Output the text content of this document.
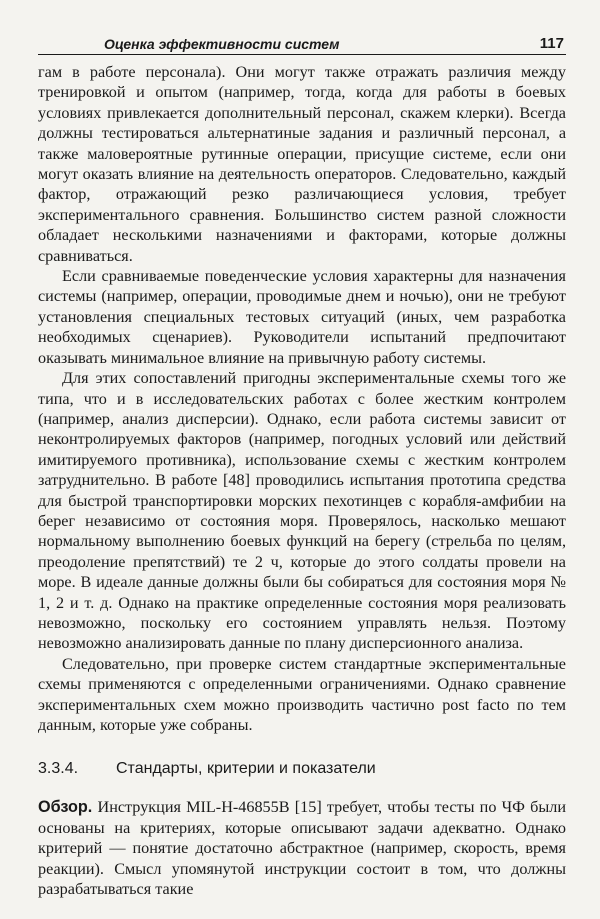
Оценка эффективности систем	117

гам в работе персонала). Они могут также отражать различия между тренировкой и опытом (например, тогда, когда для работы в боевых условиях привлекается дополнительный персонал, скажем клерки). Всегда должны тестироваться альтернатиные задания и различный персонал, а также маловероятные рутинные операции, присущие системе, если они могут оказать влияние на деятельность операторов. Следовательно, каждый фактор, отражающий резко различающиеся условия, требует экспериментального сравнения. Большинство систем разной сложности обладает несколькими назначениями и факторами, которые должны сравниваться.

Если сравниваемые поведенческие условия характерны для назначения системы (например, операции, проводимые днем и ночью), они не требуют установления специальных тестовых ситуаций (иных, чем разработка необходимых сценариев). Руководители испытаний предпочитают оказывать минимальное влияние на привычную работу системы.

Для этих сопоставлений пригодны экспериментальные схемы того же типа, что и в исследовательских работах с более жестким контролем (например, анализ дисперсии). Однако, если работа системы зависит от неконтролируемых факторов (например, погодных условий или действий имитируемого противника), использование схемы с жестким контролем затруднительно. В работе [48] проводились испытания прототипа средства для быстрой транспортировки морских пехотинцев с корабля-амфибии на берег независимо от состояния моря. Проверялось, насколько мешают нормальному выполнению боевых функций на берегу (стрельба по целям, преодоление препятствий) те 2 ч, которые до этого солдаты провели на море. В идеале данные должны были бы собираться для состояния моря № 1, 2 и т. д. Однако на практике определенные состояния моря реализовать невозможно, поскольку его состоянием управлять нельзя. Поэтому невозможно анализировать данные по плану дисперсионного анализа.

Следовательно, при проверке систем стандартные экспериментальные схемы применяются с определенными ограничениями. Однако сравнение экспериментальных схем можно производить частично post facto по тем данным, которые уже собраны.

3.3.4. Стандарты, критерии и показатели

Обзор. Инструкция MIL-H-46855B [15] требует, чтобы тесты по ЧФ были основаны на критериях, которые описывают задачи адекватно. Однако критерий — понятие достаточно абстрактное (например, скорость, время реакции). Смысл упомянутой инструкции состоит в том, что должны разрабатываться такие
